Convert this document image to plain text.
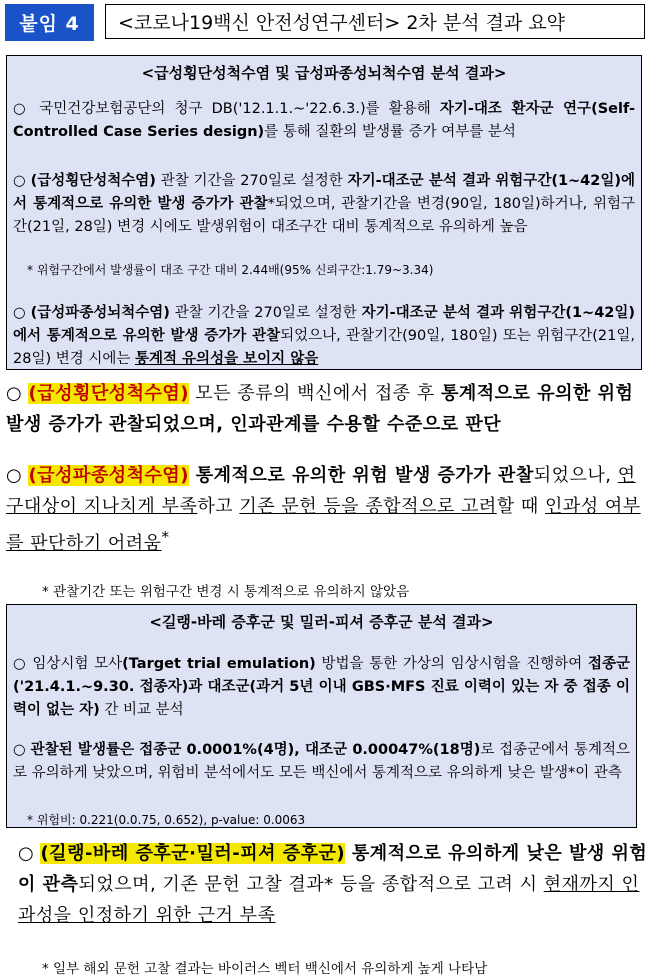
붙임 4	<코로나19백신 안전성연구센터> 2차 분석 결과 요약
<급성횡단성척수염 및 급성파종성뇌척수염 분석 결과>
○ 국민건강보험공단의 청구 DB('12.1.1.~'22.6.3.)를 활용해 자기-대조 환자군 연구(Self-Controlled Case Series design)를 통해 질환의 발생률 증가 여부를 분석
○ (급성횡단성척수염) 관찰 기간을 270일로 설정한 자기-대조군 분석 결과 위험구간(1~42일)에서 통계적으로 유의한 발생 증가가 관찰*되었으며, 관찰기간을 변경(90일, 180일)하거나, 위험구간(21일, 28일) 변경 시에도 발생위험이 대조구간 대비 통계적으로 유의하게 높음
* 위험구간에서 발생률이 대조 구간 대비 2.44배(95% 신뢰구간:1.79~3.34)
○ (급성파종성뇌척수염) 관찰 기간을 270일로 설정한 자기-대조군 분석 결과 위험구간(1~42일)에서 통계적으로 유의한 발생 증가가 관찰되었으나, 관찰기간(90일, 180일) 또는 위험구간(21일, 28일) 변경 시에는 통계적 유의성을 보이지 않음
○ (급성횡단성척수염) 모든 종류의 백신에서 접종 후 통계적으로 유의한 위험 발생 증가가 관찰되었으며, 인과관계를 수용할 수준으로 판단
○ (급성파종성척수염) 통계적으로 유의한 위험 발생 증가가 관찰되었으나, 연구대상이 지나치게 부족하고 기존 문헌 등을 종합적으로 고려할 때 인과성 여부를 판단하기 어려움*
* 관찰기간 또는 위험구간 변경 시 통계적으로 유의하지 않았음
<길랭-바레 증후군 및 밀러-피셔 증후군 분석 결과>
○ 임상시험 모사(Target trial emulation) 방법을 통한 가상의 임상시험을 진행하여 접종군('21.4.1.~9.30. 접종자)과 대조군(과거 5년 이내 GBS·MFS 진료 이력이 있는 자 중 접종 이력이 없는 자) 간 비교 분석
○ 관찰된 발생률은 접종군 0.0001%(4명), 대조군 0.00047%(18명)로 접종군에서 통계적으로 유의하게 낮았으며, 위험비 분석에서도 모든 백신에서 통계적으로 유의하게 낮은 발생*이 관측
* 위험비: 0.221(0.0.75, 0.652), p-value: 0.0063
○ (길랭-바레 증후군·밀러-피셔 증후군) 통계적으로 유의하게 낮은 발생 위험이 관측되었으며, 기존 문헌 고찰 결과* 등을 종합적으로 고려 시 현재까지 인과성을 인정하기 위한 근거 부족
* 일부 해외 문헌 고찰 결과는 바이러스 벡터 백신에서 유의하게 높게 나타남
